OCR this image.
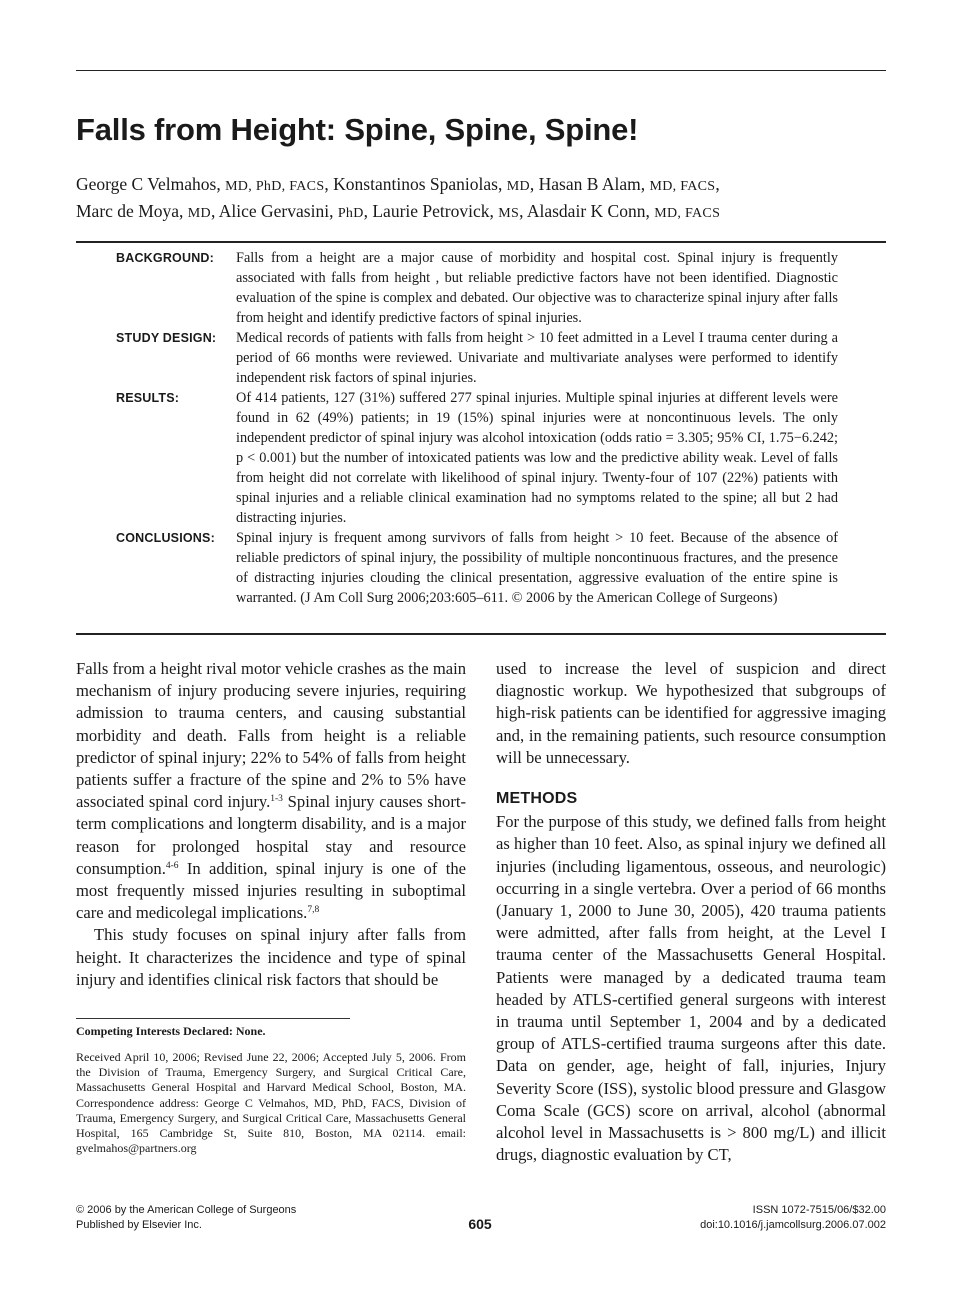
Falls from Height: Spine, Spine, Spine!
George C Velmahos, MD, PhD, FACS, Konstantinos Spaniolas, MD, Hasan B Alam, MD, FACS,
Marc de Moya, MD, Alice Gervasini, PhD, Laurie Petrovick, MS, Alasdair K Conn, MD, FACS
BACKGROUND:	Falls from a height are a major cause of morbidity and hospital cost. Spinal injury is frequently associated with falls from height , but reliable predictive factors have not been identified. Diagnostic evaluation of the spine is complex and debated. Our objective was to characterize spinal injury after falls from height and identify predictive factors of spinal injuries.
STUDY DESIGN:	Medical records of patients with falls from height > 10 feet admitted in a Level I trauma center during a period of 66 months were reviewed. Univariate and multivariate analyses were performed to identify independent risk factors of spinal injuries.
RESULTS:	Of 414 patients, 127 (31%) suffered 277 spinal injuries. Multiple spinal injuries at different levels were found in 62 (49%) patients; in 19 (15%) spinal injuries were at noncontinuous levels. The only independent predictor of spinal injury was alcohol intoxication (odds ratio = 3.305; 95% CI, 1.75−6.242; p < 0.001) but the number of intoxicated patients was low and the predictive ability weak. Level of falls from height did not correlate with likelihood of spinal injury. Twenty-four of 107 (22%) patients with spinal injuries and a reliable clinical examination had no symptoms related to the spine; all but 2 had distracting injuries.
CONCLUSIONS:	Spinal injury is frequent among survivors of falls from height > 10 feet. Because of the absence of reliable predictors of spinal injury, the possibility of multiple noncontinuous fractures, and the presence of distracting injuries clouding the clinical presentation, aggressive evaluation of the entire spine is warranted. (J Am Coll Surg 2006;203:605–611. © 2006 by the American College of Surgeons)

Falls from a height rival motor vehicle crashes as the main mechanism of injury producing severe injuries, requiring admission to trauma centers, and causing substantial morbidity and death. Falls from height is a reliable predictor of spinal injury; 22% to 54% of falls from height patients suffer a fracture of the spine and 2% to 5% have associated spinal cord injury.$^{1-3}$ Spinal injury causes short-term complications and longterm disability, and is a major reason for prolonged hospital stay and resource consumption.$^{4-6}$ In addition, spinal injury is one of the most frequently missed injuries resulting in suboptimal care and medicolegal implications.$^{7,8}$

This study focuses on spinal injury after falls from height. It characterizes the incidence and type of spinal injury and identifies clinical risk factors that should be

used to increase the level of suspicion and direct diagnostic workup. We hypothesized that subgroups of high-risk patients can be identified for aggressive imaging and, in the remaining patients, such resource consumption will be unnecessary.

METHODS

For the purpose of this study, we defined falls from height as higher than 10 feet. Also, as spinal injury we defined all injuries (including ligamentous, osseous, and neurologic) occurring in a single vertebra. Over a period of 66 months (January 1, 2000 to June 30, 2005), 420 trauma patients were admitted, after falls from height, at the Level I trauma center of the Massachusetts General Hospital. Patients were managed by a dedicated trauma team headed by ATLS-certified general surgeons with interest in trauma until September 1, 2004 and by a dedicated group of ATLS-certified trauma surgeons after this date. Data on gender, age, height of fall, injuries, Injury Severity Score (ISS), systolic blood pressure and Glasgow Coma Scale (GCS) score on arrival, alcohol (abnormal alcohol level in Massachusetts is > 800 mg/L) and illicit drugs, diagnostic evaluation by CT,

Competing Interests Declared: None.
Received April 10, 2006; Revised June 22, 2006; Accepted July 5, 2006. From the Division of Trauma, Emergency Surgery, and Surgical Critical Care, Massachusetts General Hospital and Harvard Medical School, Boston, MA. Correspondence address: George C Velmahos, MD, PhD, FACS, Division of Trauma, Emergency Surgery, and Surgical Critical Care, Massachusetts General Hospital, 165 Cambridge St, Suite 810, Boston, MA 02114. email: gvelmahos@partners.org
© 2006 by the American College of Surgeons
Published by Elsevier Inc.	605
ISSN 1072-7515/06/$32.00
doi:10.1016/j.jamcollsurg.2006.07.002
